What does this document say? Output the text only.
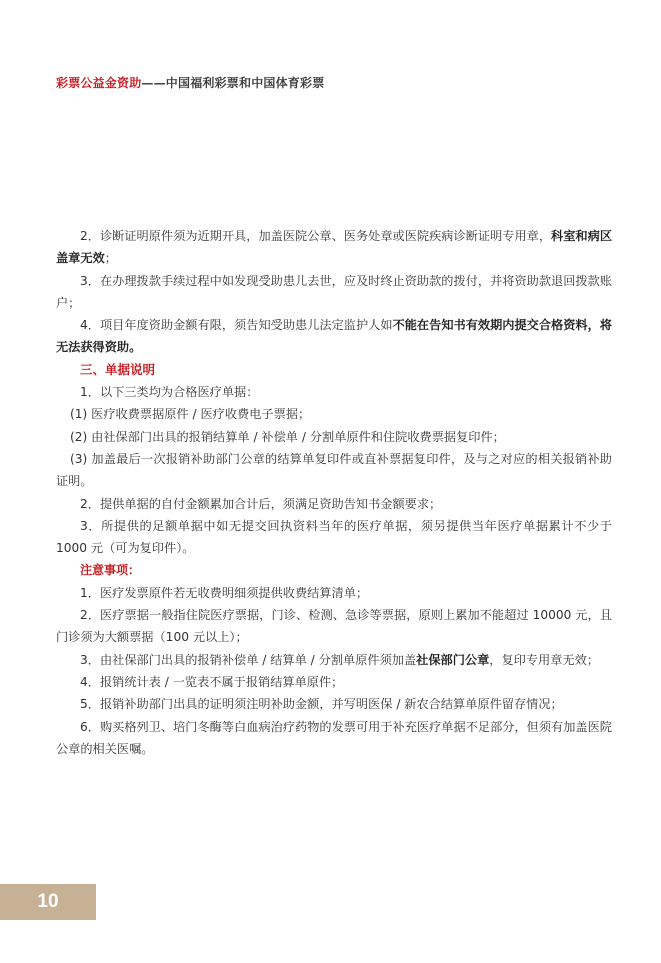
彩票公益金资助——中国福利彩票和中国体育彩票

2．诊断证明原件须为近期开具，加盖医院公章、医务处章或医院疾病诊断证明专用章，科室和病区盖章无效；

3．在办理拨款手续过程中如发现受助患儿去世，应及时终止资助款的拨付，并将资助款退回拨款账户；

4．项目年度资助金额有限，须告知受助患儿法定监护人如不能在告知书有效期内提交合格资料，将无法获得资助。

三、单据说明

1．以下三类均为合格医疗单据：

(1) 医疗收费票据原件 / 医疗收费电子票据；

(2) 由社保部门出具的报销结算单 / 补偿单 / 分割单原件和住院收费票据复印件；

(3) 加盖最后一次报销补助部门公章的结算单复印件或直补票据复印件，及与之对应的相关报销补助证明。

2．提供单据的自付金额累加合计后，须满足资助告知书金额要求；

3．所提供的足额单据中如无提交回执资料当年的医疗单据，须另提供当年医疗单据累计不少于 1000 元（可为复印件）。

注意事项：

1．医疗发票原件若无收费明细须提供收费结算清单；

2．医疗票据一般指住院医疗票据，门诊、检测、急诊等票据，原则上累加不能超过 10000 元，且门诊须为大额票据（100 元以上）；

3．由社保部门出具的报销补偿单 / 结算单 / 分割单原件须加盖社保部门公章，复印专用章无效；

4．报销统计表 / 一览表不属于报销结算单原件；

5．报销补助部门出具的证明须注明补助金额，并写明医保 / 新农合结算单原件留存情况；

6．购买格列卫、培门冬酶等白血病治疗药物的发票可用于补充医疗单据不足部分，但须有加盖医院公章的相关医嘱。

10
